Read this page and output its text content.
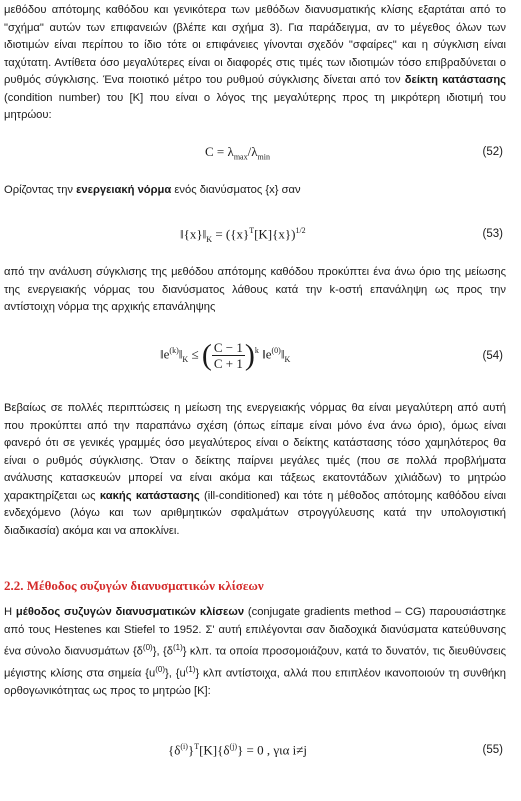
μεθόδου απότομης καθόδου και γενικότερα των μεθόδων διανυσματικής κλίσης εξαρτάται από το "σχήμα" αυτών των επιφανειών (βλέπε και σχήμα 3). Για παράδειγμα, αν το μέγεθος όλων των ιδιοτιμών είναι περίπου το ίδιο τότε οι επιφάνειες γίνονται σχεδόν "σφαίρες" και η σύγκλιση είναι ταχύτατη. Αντίθετα όσο μεγαλύτερες είναι οι διαφορές στις τιμές των ιδιοτιμών τόσο επιβραδύνεται ο ρυθμός σύγκλισης. Ένα ποιοτικό μέτρο του ρυθμού σύγκλισης δίνεται από τον δείκτη κατάστασης (condition number) του [K] που είναι ο λόγος της μεγαλύτερης προς τη μικρότερη ιδιοτιμή του μητρώου:

$C = \lambda_{max}/\lambda_{min}$	(52)

Ορίζοντας την ενεργειακή νόρμα ενός διανύσματος {x} σαν

$‖\{x\}‖_K = (\{x\}^T[K]\{x\})^{1/2}$	(53)

από την ανάλυση σύγκλισης της μεθόδου απότομης καθόδου προκύπτει ένα άνω όριο της μείωσης της ενεργειακής νόρμας του διανύσματος λάθους κατά την k-οστή επανάληψη ως προς την αντίστοιχη νόρμα της αρχικής επανάληψης

$‖e^{(k)}‖_K$ ≤ ( $\frac{C - 1}{C + 1} )^k$ $‖e^{(0)}‖_K$	(54)

Βεβαίως σε πολλές περιπτώσεις η μείωση της ενεργειακής νόρμας θα είναι μεγαλύτερη από αυτή που προκύπτει από την παραπάνω σχέση (όπως είπαμε είναι μόνο ένα άνω όριο), όμως είναι φανερό ότι σε γενικές γραμμές όσο μεγαλύτερος είναι ο δείκτης κατάστασης τόσο χαμηλότερος θα είναι ο ρυθμός σύγκλισης. Όταν ο δείκτης παίρνει μεγάλες τιμές (που σε πολλά προβλήματα ανάλυσης κατασκευών μπορεί να είναι ακόμα και τάξεως εκατοντάδων χιλιάδων) το μητρώο χαρακτηρίζεται ως κακής κατάστασης (ill-conditioned) και τότε η μέθοδος απότομης καθόδου είναι ενδεχόμενο (λόγω και των αριθμητικών σφαλμάτων στρογγύλευσης κατά την υπολογιστική διαδικασία) ακόμα και να αποκλίνει.

2.2. Μέθοδος συζυγών διανυσματικών κλίσεων

Η μέθοδος συζυγών διανυσματικών κλίσεων (conjugate gradients method – CG) παρουσιάστηκε από τους Hestenes και Stiefel το 1952. Σ' αυτή επιλέγονται σαν διαδοχικά διανύσματα κατεύθυνσης ένα σύνολο διανυσμάτων $\{\delta^{(0)}\}$, $\{\delta^{(1)}\}$ κλπ. τα οποία προσομοιάζουν, κατά το δυνατόν, τις διευθύνσεις μέγιστης κλίσης στα σημεία $\{u^{(0)}\}$, $\{u^{(1)}\}$ κλπ αντίστοιχα, αλλά που επιπλέον ικανοποιούν τη συνθήκη ορθογωνικότητας ως προς το μητρώο [K]:

$\{\delta^{(i)}\}^T[K]\{\delta^{(j)}\} = 0$ , για i≠j	(55)
